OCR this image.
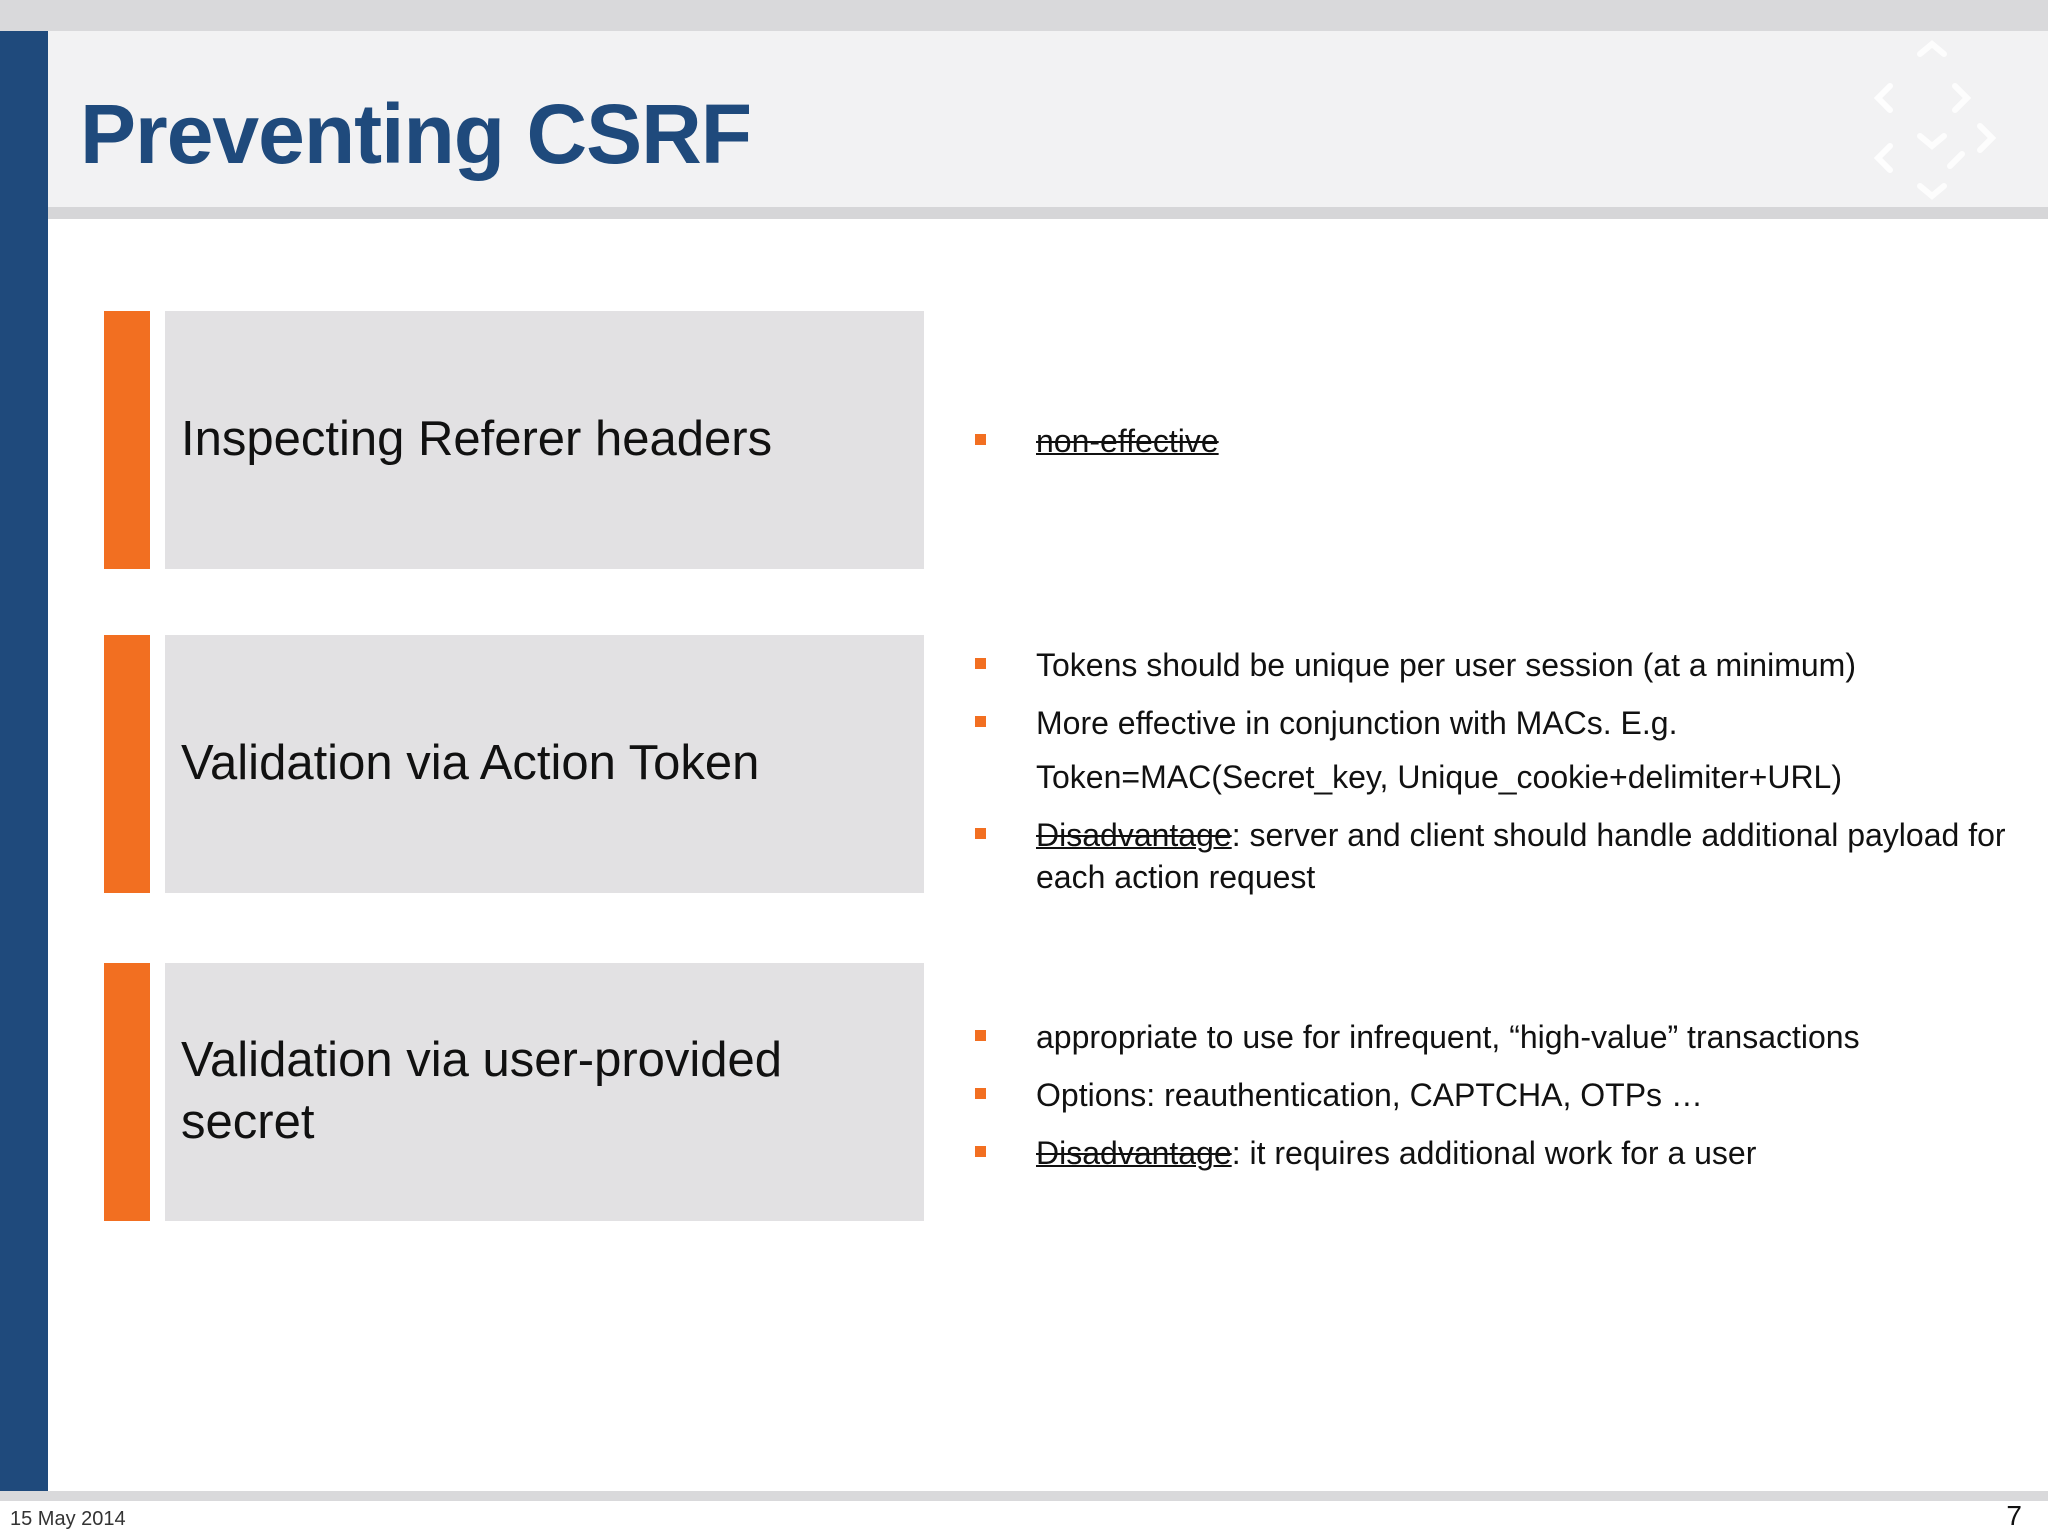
Preventing CSRF
Inspecting Referer headers	non-effective
Validation via Action Token
Tokens should be unique per user session (at a minimum)
More effective in conjunction with MACs. E.g.
Token=MAC(Secret_key, Unique_cookie+delimiter+URL)
Disadvantage: server and client should handle additional payload for each action request
Validation via user-provided secret
appropriate to use for infrequent, “high-value” transactions
Options: reauthentication, CAPTCHA, OTPs …
Disadvantage: it requires additional work for a user
15 May 2014	7
